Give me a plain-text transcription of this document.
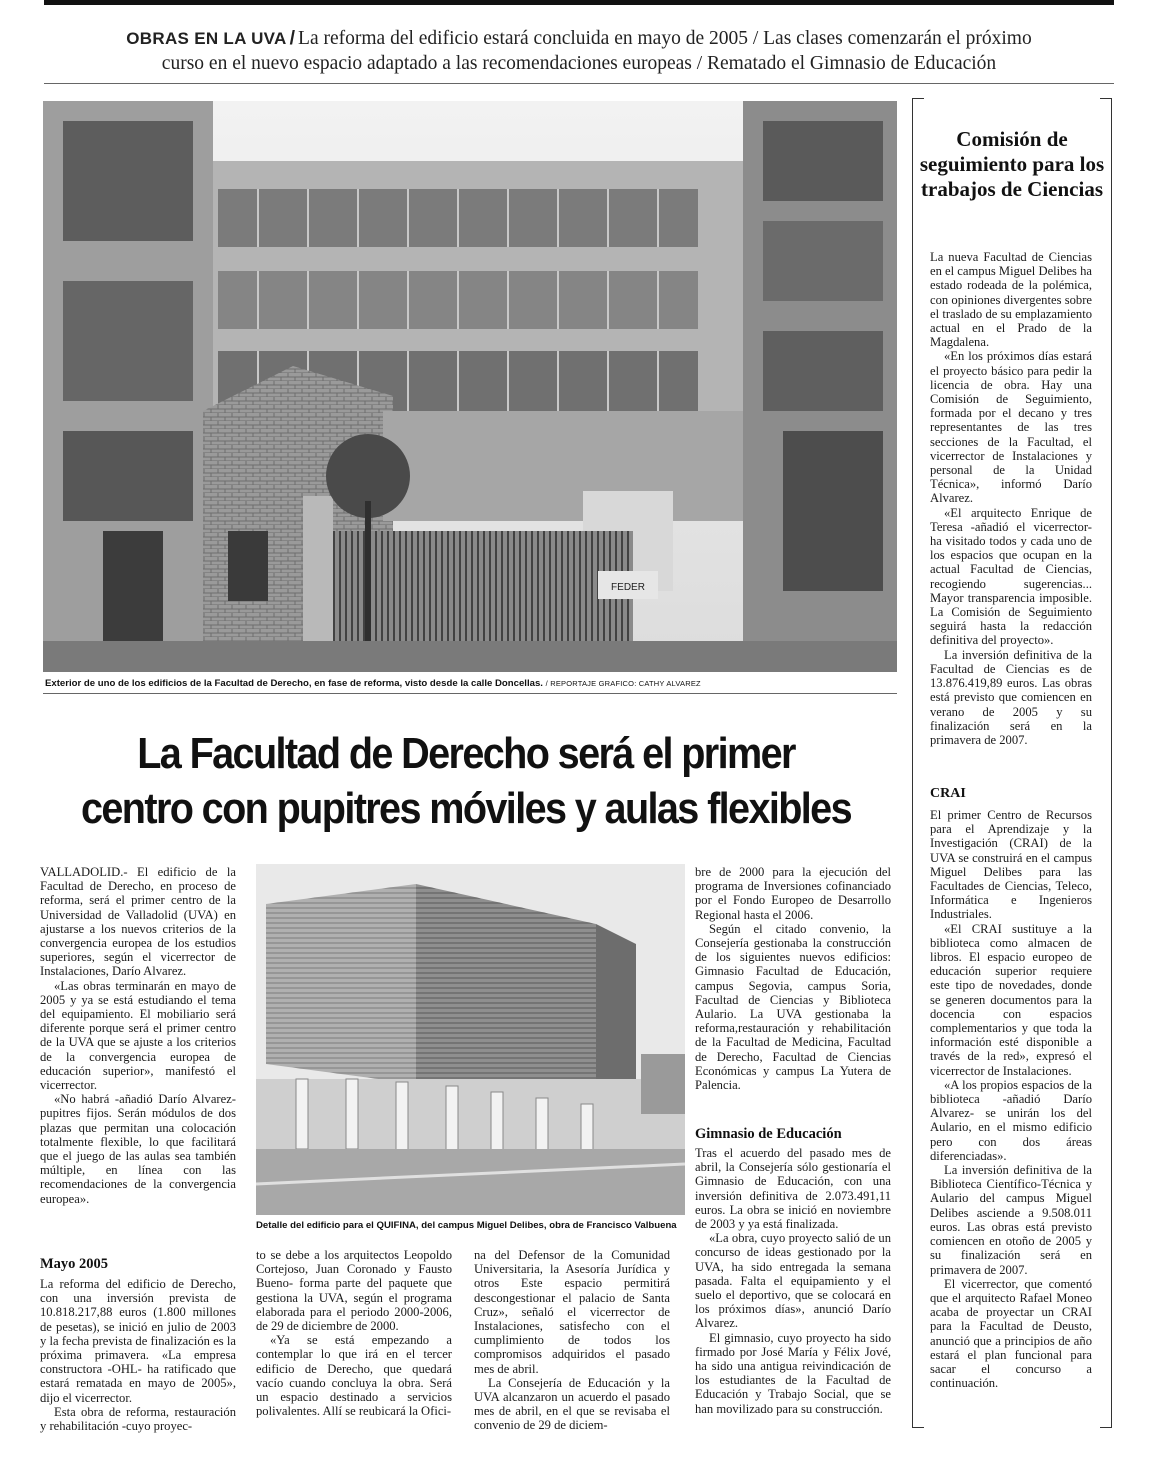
OBRAS EN LA UVA / La reforma del edificio estará concluida en mayo de 2005 / Las clases comenzarán el próximo
curso en el nuevo espacio adaptado a las recomendaciones europeas / Rematado el Gimnasio de Educación
FEDER
Exterior de uno de los edificios de la Facultad de Derecho, en fase de reforma, visto desde la calle Doncellas. / REPORTAJE GRAFICO: CATHY ALVAREZ
La Facultad de Derecho será el primer
centro con pupitres móviles y aulas flexibles

VALLADOLID.- El edificio de la Facultad de Derecho, en proceso de reforma, será el primer centro de la Universidad de Valladolid (UVA) en ajustarse a los nuevos criterios de la convergencia europea de los estudios superiores, según el vicerrector de Instalaciones, Darío Alvarez.

«Las obras terminarán en mayo de 2005 y ya se está estudiando el tema del equipamiento. El mobiliario será diferente porque será el primer centro de la UVA que se ajuste a los criterios de la convergencia europea de educación superior», manifestó el vicerrector.

«No habrá -añadió Darío Alvarez- pupitres fijos. Serán módulos de dos plazas que permitan una colocación totalmente flexible, lo que facilitará que el juego de las aulas sea también múltiple, en línea con las recomendaciones de la convergencia europea».

Detalle del edificio para el QUIFINA, del campus Miguel Delibes, obra de Francisco Valbuena
Mayo 2005

La reforma del edificio de Derecho, con una inversión prevista de 10.818.217,88 euros (1.800 millones de pesetas), se inició en julio de 2003 y la fecha prevista de finalización es la próxima primavera. «La empresa constructora -OHL- ha ratificado que estará rematada en mayo de 2005», dijo el vicerrector.

Esta obra de reforma, restauración y rehabilitación -cuyo proyec-

to se debe a los arquitectos Leopoldo Cortejoso, Juan Coronado y Fausto Bueno- forma parte del paquete que gestiona la UVA, según el programa elaborada para el periodo 2000-2006, de 29 de diciembre de 2000.

«Ya se está empezando a contemplar lo que irá en el tercer edificio de Derecho, que quedará vacío cuando concluya la obra. Será un espacio destinado a servicios polivalentes. Allí se reubicará la Ofici-

na del Defensor de la Comunidad Universitaria, la Asesoría Jurídica y otros Este espacio permitirá descongestionar el palacio de Santa Cruz», señaló el vicerrector de Instalaciones, satisfecho con el cumplimiento de todos los compromisos adquiridos el pasado mes de abril.

La Consejería de Educación y la UVA alcanzaron un acuerdo el pasado mes de abril, en el que se revisaba el convenio de 29 de diciem-

bre de 2000 para la ejecución del programa de Inversiones cofinanciado por el Fondo Europeo de Desarrollo Regional hasta el 2006.

Según el citado convenio, la Consejería gestionaba la construcción de los siguientes nuevos edificios: Gimnasio Facultad de Educación, campus Segovia, campus Soria, Facultad de Ciencias y Biblioteca Aulario. La UVA gestionaba la reforma,restauración y rehabilitación de la Facultad de Medicina, Facultad de Derecho, Facultad de Ciencias Económicas y campus La Yutera de Palencia.

Gimnasio de Educación

Tras el acuerdo del pasado mes de abril, la Consejería sólo gestionaría el Gimnasio de Educación, con una inversión definitiva de 2.073.491,11 euros. La obra se inició en noviembre de 2003 y ya está finalizada.

«La obra, cuyo proyecto salió de un concurso de ideas gestionado por la UVA, ha sido entregada la semana pasada. Falta el equipamiento y el suelo el deportivo, que se colocará en los próximos días», anunció Darío Alvarez.

El gimnasio, cuyo proyecto ha sido firmado por José María y Félix Jové, ha sido una antigua reivindicación de los estudiantes de la Facultad de Educación y Trabajo Social, que se han movilizado para su construcción.

Comisión de seguimiento para los trabajos de Ciencias

La nueva Facultad de Ciencias en el campus Miguel Delibes ha estado rodeada de la polémica, con opiniones divergentes sobre el traslado de su emplazamiento actual en el Prado de la Magdalena.

«En los próximos días estará el proyecto básico para pedir la licencia de obra. Hay una Comisión de Seguimiento, formada por el decano y tres representantes de las tres secciones de la Facultad, el vicerrector de Instalaciones y personal de la Unidad Técnica», informó Darío Alvarez.

«El arquitecto Enrique de Teresa -añadió el vicerrector- ha visitado todos y cada uno de los espacios que ocupan en la actual Facultad de Ciencias, recogiendo sugerencias... Mayor transparencia imposible. La Comisión de Seguimiento seguirá hasta la redacción definitiva del proyecto».

La inversión definitiva de la Facultad de Ciencias es de 13.876.419,89 euros. Las obras está previsto que comiencen en verano de 2005 y su finalización será en la primavera de 2007.

CRAI

El primer Centro de Recursos para el Aprendizaje y la Investigación (CRAI) de la UVA se construirá en el campus Miguel Delibes para las Facultades de Ciencias, Teleco, Informática e Ingenieros Industriales.

«El CRAI sustituye a la biblioteca como almacen de libros. El espacio europeo de educación superior requiere este tipo de novedades, donde se generen documentos para la docencia con espacios complementarios y que toda la información esté disponible a través de la red», expresó el vicerrector de Instalaciones.

«A los propios espacios de la biblioteca -añadió Darío Alvarez- se unirán los del Aulario, en el mismo edificio pero con dos áreas diferenciadas».

La inversión definitiva de la Biblioteca Científico-Técnica y Aulario del campus Miguel Delibes asciende a 9.508.011 euros. Las obras está previsto comiencen en otoño de 2005 y su finalización será en primavera de 2007.

El vicerrector, que comentó que el arquitecto Rafael Moneo acaba de proyectar un CRAI para la Facultad de Deusto, anunció que a principios de año estará el plan funcional para sacar el concurso a continuación.
